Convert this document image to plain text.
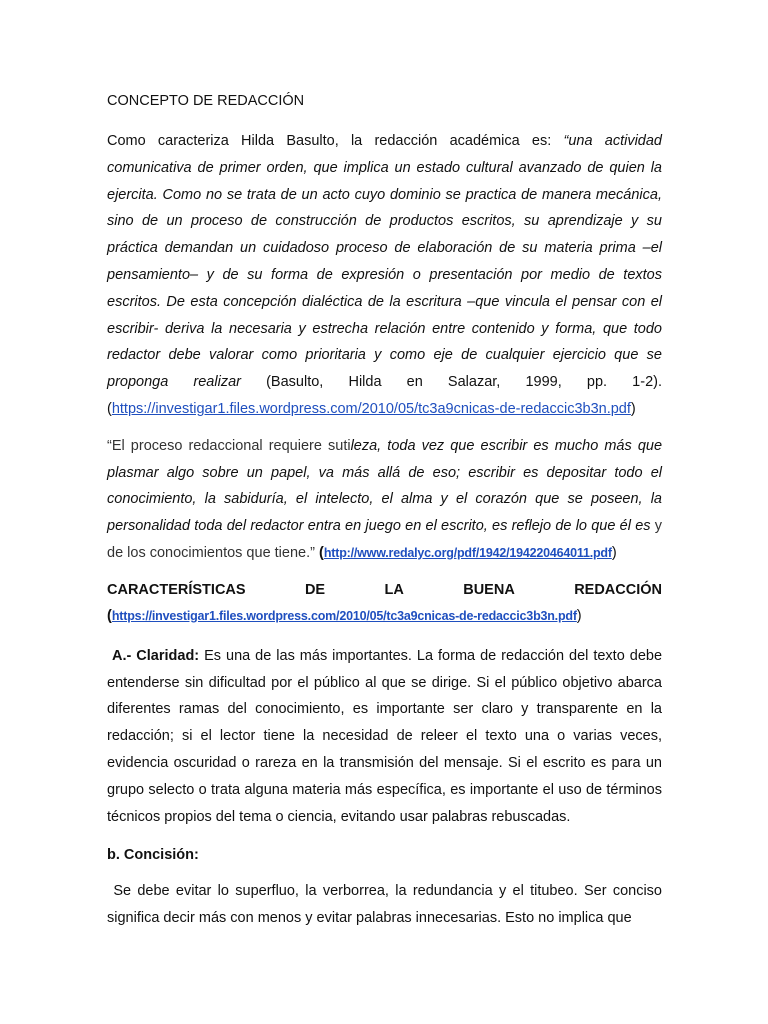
CONCEPTO DE REDACCIÓN

Como caracteriza Hilda Basulto, la redacción académica es: “una actividad comunicativa de primer orden, que implica un estado cultural avanzado de quien la ejercita. Como no se trata de un acto cuyo dominio se practica de manera mecánica, sino de un proceso de construcción de productos escritos, su aprendizaje y su práctica demandan un cuidadoso proceso de elaboración de su materia prima –el pensamiento– y de su forma de expresión o presentación por medio de textos escritos. De esta concepción dialéctica de la escritura –que vincula el pensar con el escribir- deriva la necesaria y estrecha relación entre contenido y forma, que todo redactor debe valorar como prioritaria y como eje de cualquier ejercicio que se proponga realizar (Basulto, Hilda en Salazar, 1999, pp. 1-2).(https://investigar1.files.wordpress.com/2010/05/tc3a9cnicas-de-redaccic3b3n.pdf)

“El proceso redaccional requiere sutileza, toda vez que escribir es mucho más que plasmar algo sobre un papel, va más allá de eso; escribir es depositar todo el conocimiento, la sabiduría, el intelecto, el alma y el corazón que se poseen, la personalidad toda del redactor entra en juego en el escrito, es reflejo de lo que él es y de los conocimientos que tiene.” (http://www.redalyc.org/pdf/1942/194220464011.pdf)

CARACTERÍSTICAS	DE	LA	BUENA	REDACCIÓN
(https://investigar1.files.wordpress.com/2010/05/tc3a9cnicas-de-redaccic3b3n.pdf)

A.- Claridad: Es una de las más importantes. La forma de redacción del texto debe entenderse sin dificultad por el público al que se dirige. Si el público objetivo abarca diferentes ramas del conocimiento, es importante ser claro y transparente en la redacción; si el lector tiene la necesidad de releer el texto una o varias veces, evidencia oscuridad o rareza en la transmisión del mensaje. Si el escrito es para un grupo selecto o trata alguna materia más específica, es importante el uso de términos técnicos propios del tema o ciencia, evitando usar palabras rebuscadas.

b. Concisión:

Se debe evitar lo superfluo, la verborrea, la redundancia y el titubeo. Ser conciso significa decir más con menos y evitar palabras innecesarias. Esto no implica que
